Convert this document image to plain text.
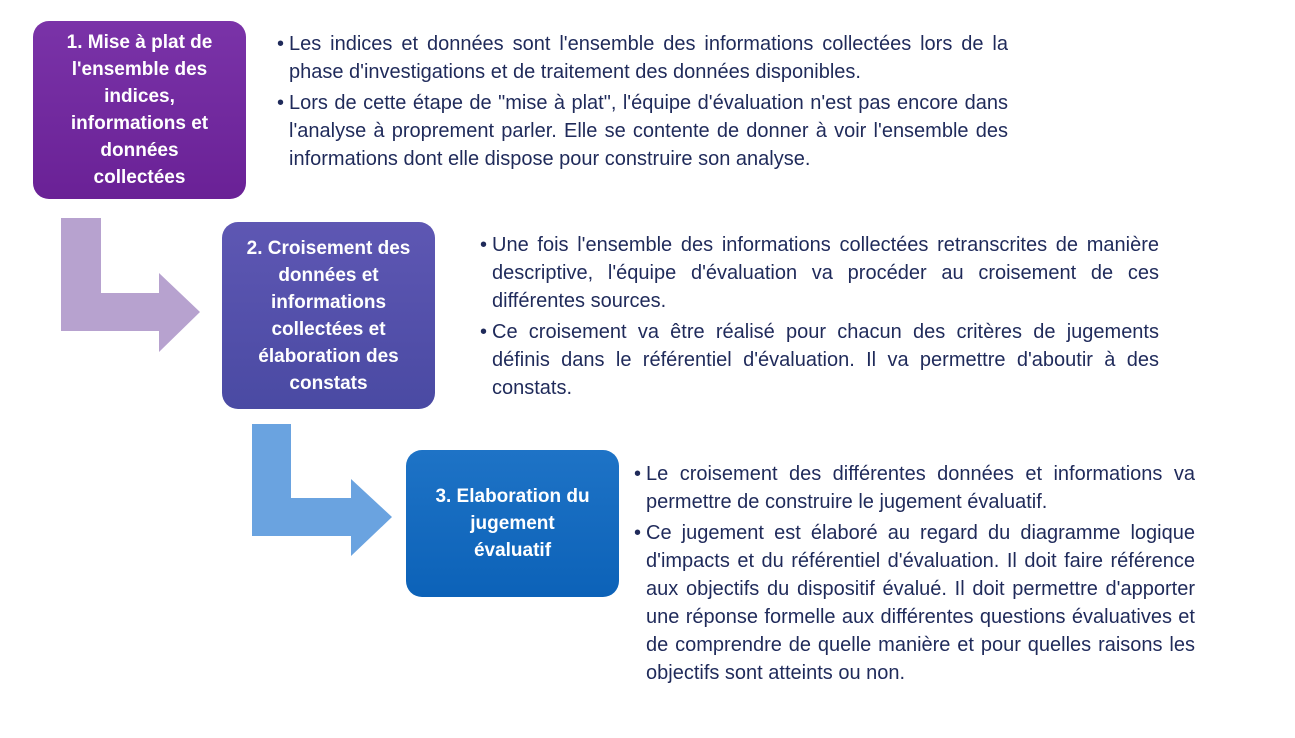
1. Mise à plat de
l'ensemble des
indices,
informations et
données
collectées
• Les indices et données sont l'ensemble des informations collectées lors de la phase d'investigations et de traitement des données disponibles.
• Lors de cette étape de "mise à plat", l'équipe d'évaluation n'est pas encore dans l'analyse à proprement parler. Elle se contente de donner à voir l'ensemble des informations dont elle dispose pour construire son analyse.
2. Croisement des
données et
informations
collectées et
élaboration des
constats
• Une fois l'ensemble des informations collectées retranscrites de manière descriptive, l'équipe d'évaluation va procéder au croisement de ces différentes sources.
• Ce croisement va être réalisé pour chacun des critères de jugements définis dans le référentiel d'évaluation. Il va permettre d'aboutir à des constats.
3. Elaboration du
jugement
évaluatif
• Le croisement des différentes données et informations va permettre de construire le jugement évaluatif.
• Ce jugement est élaboré au regard du diagramme logique d'impacts et du référentiel d'évaluation. Il doit faire référence aux objectifs du dispositif évalué. Il doit permettre d'apporter une réponse formelle aux différentes questions évaluatives et de comprendre de quelle manière et pour quelles raisons les objectifs sont atteints ou non.
